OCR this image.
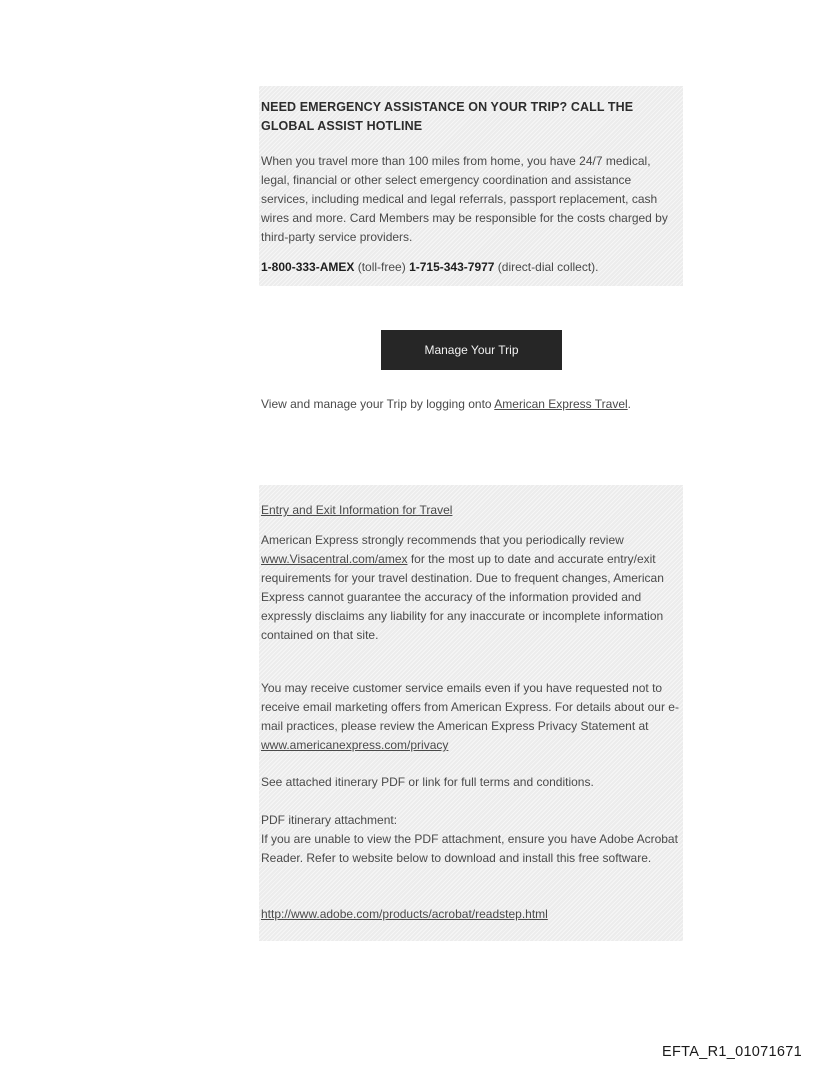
NEED EMERGENCY ASSISTANCE ON YOUR TRIP? CALL THE GLOBAL ASSIST HOTLINE
When you travel more than 100 miles from home, you have 24/7 medical, legal, financial or other select emergency coordination and assistance services, including medical and legal referrals, passport replacement, cash wires and more. Card Members may be responsible for the costs charged by third-party service providers.
1-800-333-AMEX (toll-free) 1-715-343-7977 (direct-dial collect).
Manage Your Trip
View and manage your Trip by logging onto American Express Travel.
Entry and Exit Information for Travel
American Express strongly recommends that you periodically review www.Visacentral.com/amex for the most up to date and accurate entry/exit requirements for your travel destination. Due to frequent changes, American Express cannot guarantee the accuracy of the information provided and expressly disclaims any liability for any inaccurate or incomplete information contained on that site.
You may receive customer service emails even if you have requested not to receive email marketing offers from American Express. For details about our e-mail practices, please review the American Express Privacy Statement at www.americanexpress.com/privacy
See attached itinerary PDF or link for full terms and conditions.
PDF itinerary attachment:
If you are unable to view the PDF attachment, ensure you have Adobe Acrobat Reader. Refer to website below to download and install this free software.
http://www.adobe.com/products/acrobat/readstep.html
EFTA_R1_01071671
